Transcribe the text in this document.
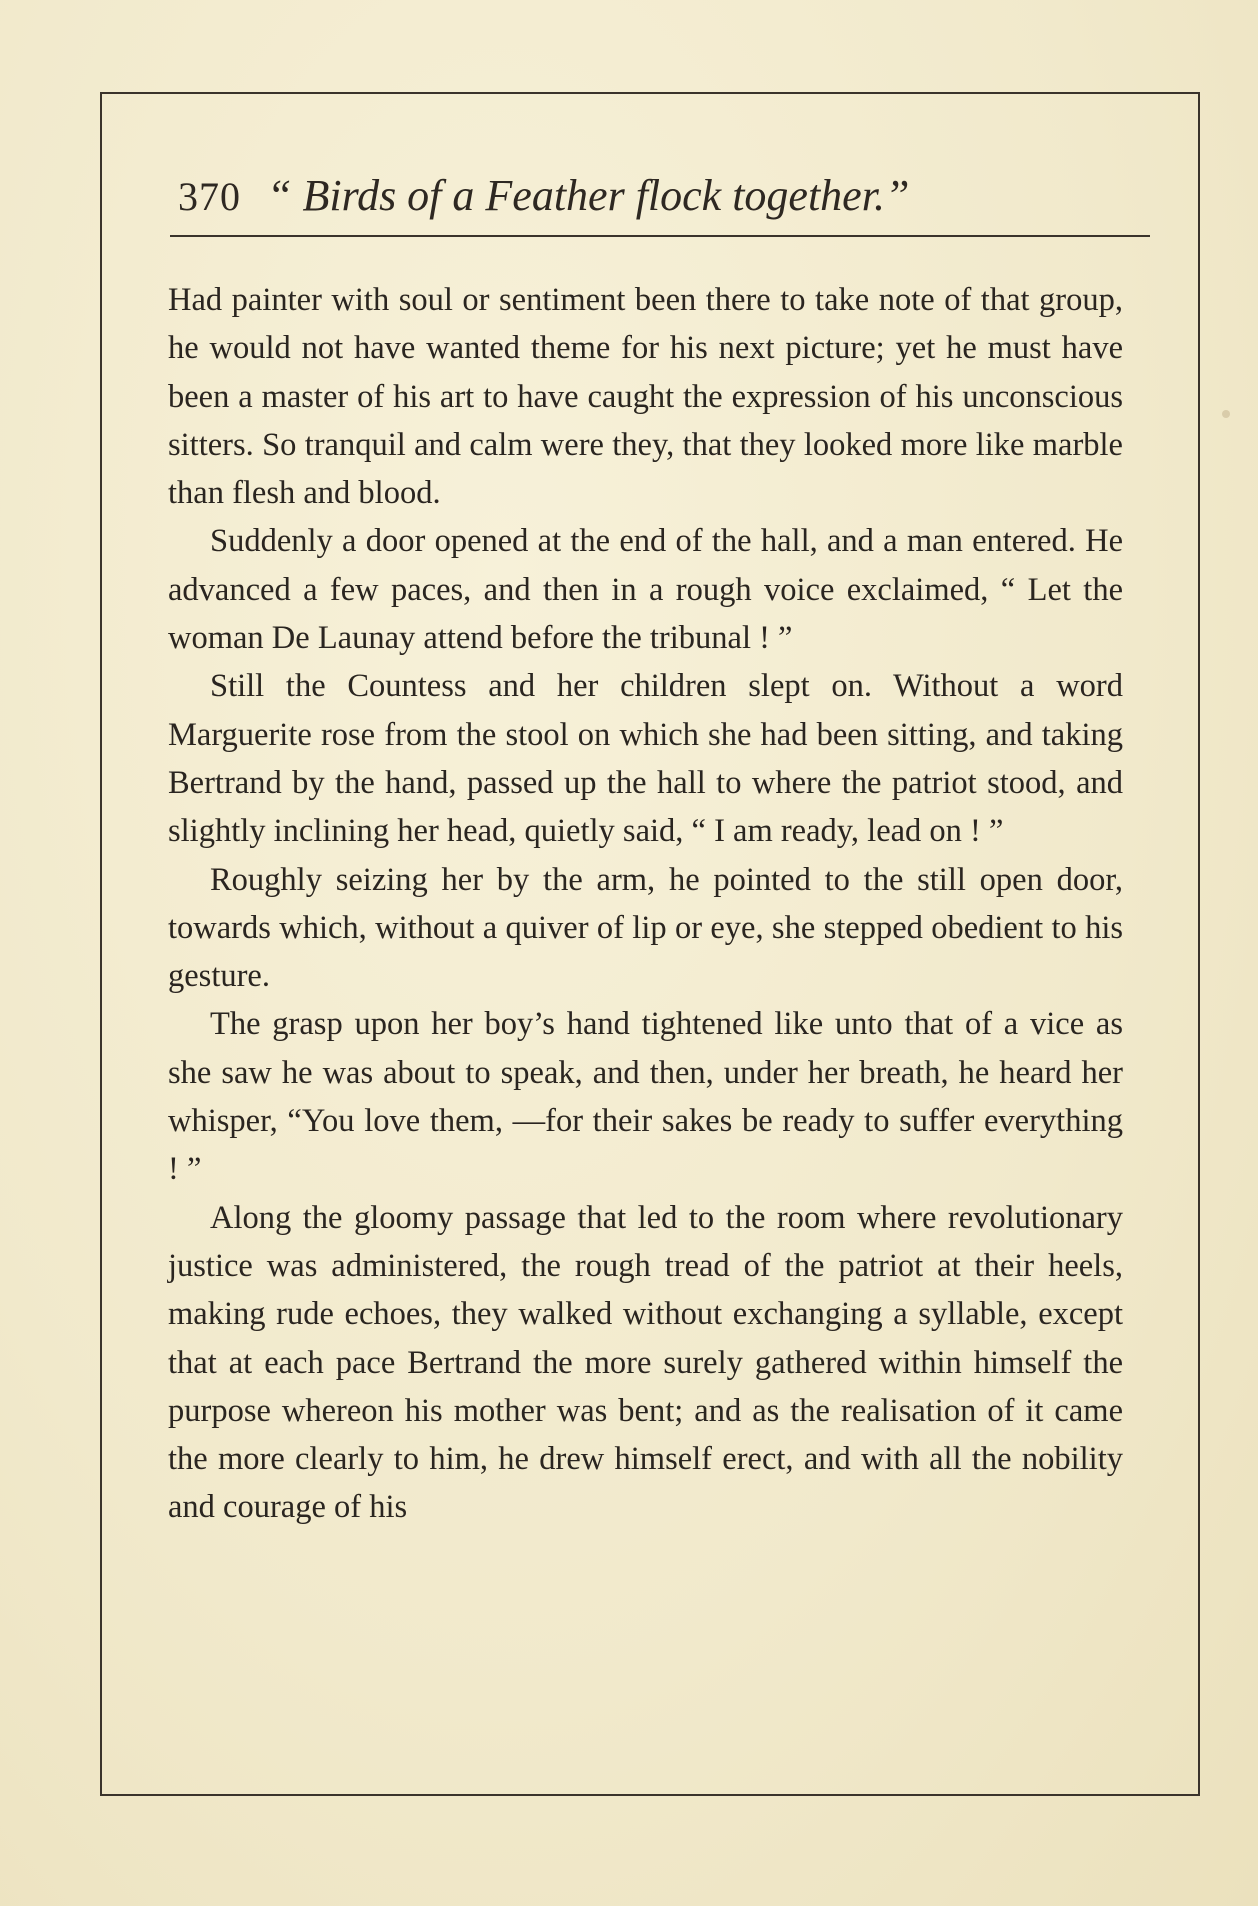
370 “ Birds of a Feather flock together.”

Had painter with soul or sentiment been there to take note of that group, he would not have wanted theme for his next picture; yet he must have been a master of his art to have caught the expression of his unconscious sitters. So tranquil and calm were they, that they looked more like marble than flesh and blood.

Suddenly a door opened at the end of the hall, and a man entered. He advanced a few paces, and then in a rough voice exclaimed, “ Let the woman De Launay attend before the tribunal ! ”

Still the Countess and her children slept on. Without a word Marguerite rose from the stool on which she had been sitting, and taking Bertrand by the hand, passed up the hall to where the patriot stood, and slightly inclining her head, quietly said, “ I am ready, lead on ! ”

Roughly seizing her by the arm, he pointed to the still open door, towards which, without a quiver of lip or eye, she stepped obedient to his gesture.

The grasp upon her boy’s hand tightened like unto that of a vice as she saw he was about to speak, and then, under her breath, he heard her whisper, “You love them, —for their sakes be ready to suffer everything ! ”

Along the gloomy passage that led to the room where revolutionary justice was administered, the rough tread of the patriot at their heels, making rude echoes, they walked without exchanging a syllable, except that at each pace Bertrand the more surely gathered within himself the purpose whereon his mother was bent; and as the realisation of it came the more clearly to him, he drew himself erect, and with all the nobility and courage of his
